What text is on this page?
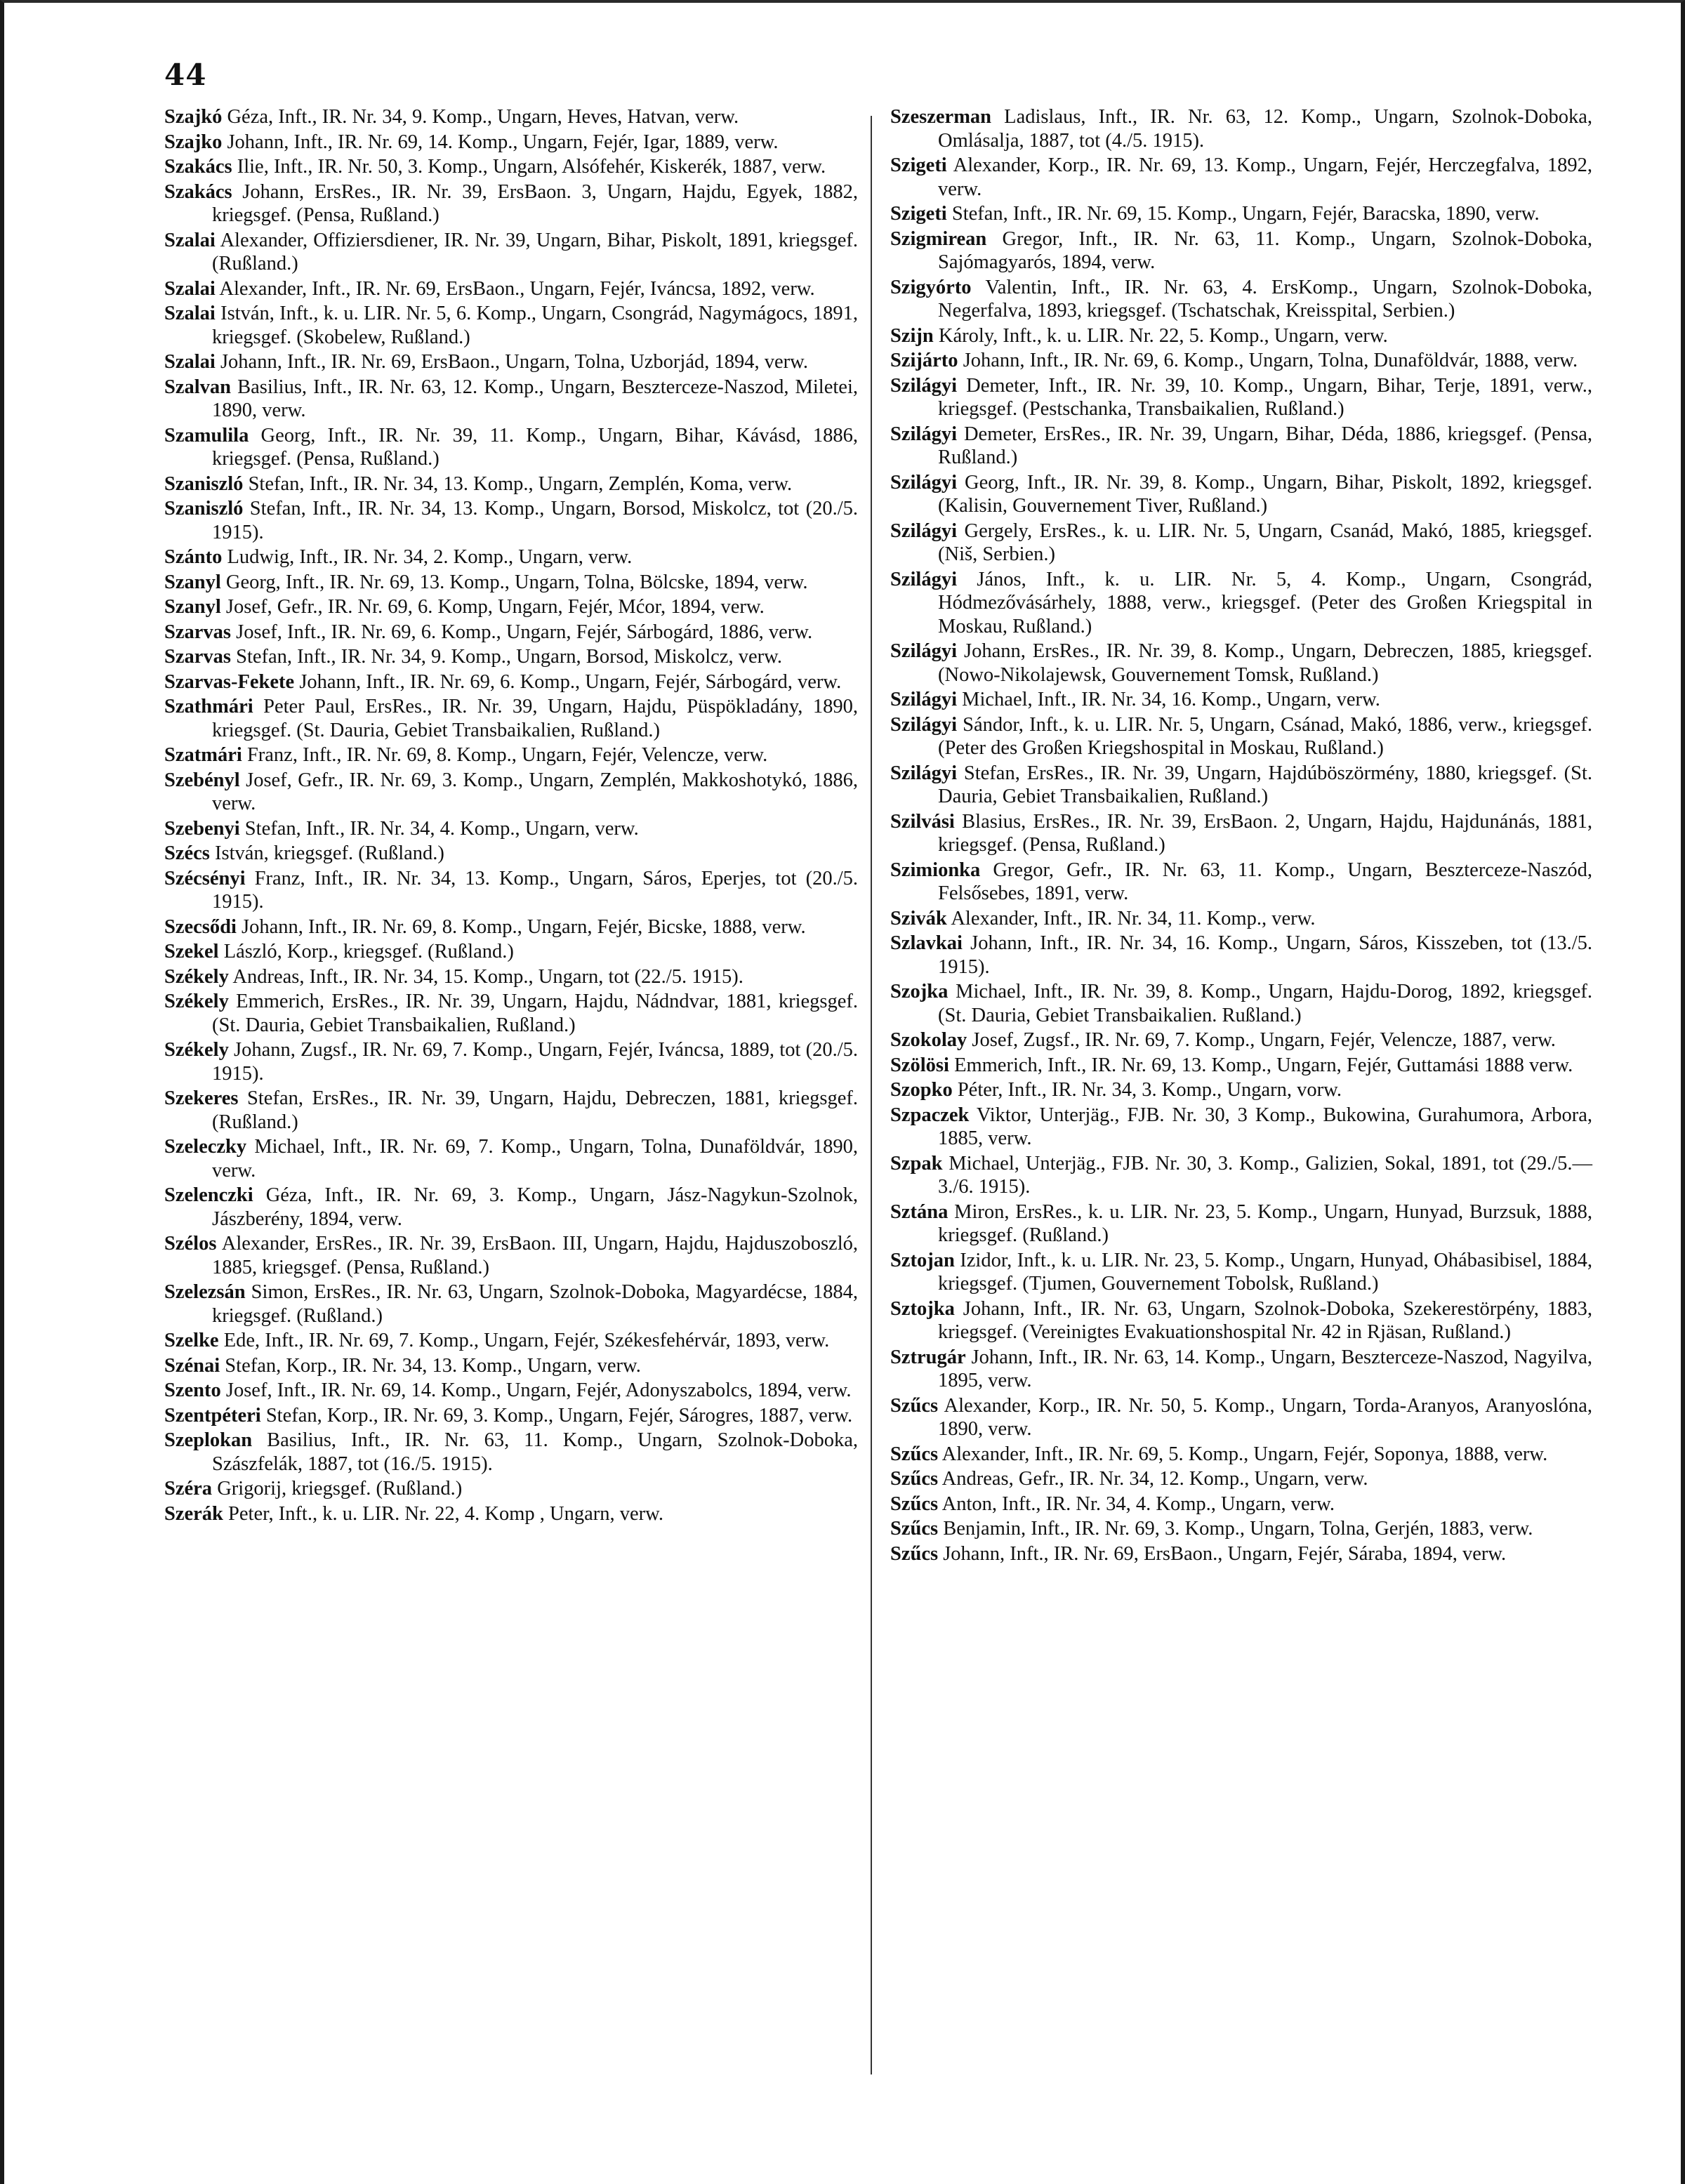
44

Szajkó Géza, Inft., IR. Nr. 34, 9. Komp., Ungarn, Heves, Hatvan, verw.

Szajko Johann, Inft., IR. Nr. 69, 14. Komp., Ungarn, Fejér, Igar, 1889, verw.

Szakács Ilie, Inft., IR. Nr. 50, 3. Komp., Ungarn, Alsófehér, Kiskerék, 1887, verw.

Szakács Johann, ErsRes., IR. Nr. 39, ErsBaon. 3, Ungarn, Hajdu, Egyek, 1882, kriegsgef. (Pensa, Rußland.)

Szalai Alexander, Offiziersdiener, IR. Nr. 39, Ungarn, Bihar, Piskolt, 1891, kriegsgef. (Rußland.)

Szalai Alexander, Inft., IR. Nr. 69, ErsBaon., Ungarn, Fejér, Iváncsa, 1892, verw.

Szalai István, Inft., k. u. LIR. Nr. 5, 6. Komp., Ungarn, Csongrád, Nagymágocs, 1891, kriegsgef. (Skobelew, Rußland.)

Szalai Johann, Inft., IR. Nr. 69, ErsBaon., Ungarn, Tolna, Uzborjád, 1894, verw.

Szalvan Basilius, Inft., IR. Nr. 63, 12. Komp., Ungarn, Beszterceze-Naszod, Miletei, 1890, verw.

Szamulila Georg, Inft., IR. Nr. 39, 11. Komp., Ungarn, Bihar, Kávásd, 1886, kriegsgef. (Pensa, Rußland.)

Szaniszló Stefan, Inft., IR. Nr. 34, 13. Komp., Ungarn, Zemplén, Koma, verw.

Szaniszló Stefan, Inft., IR. Nr. 34, 13. Komp., Ungarn, Borsod, Miskolcz, tot (20./5. 1915).

Szánto Ludwig, Inft., IR. Nr. 34, 2. Komp., Ungarn, verw.

Szanyl Georg, Inft., IR. Nr. 69, 13. Komp., Ungarn, Tolna, Bölcske, 1894, verw.

Szanyl Josef, Gefr., IR. Nr. 69, 6. Komp, Ungarn, Fejér, Mćor, 1894, verw.

Szarvas Josef, Inft., IR. Nr. 69, 6. Komp., Ungarn, Fejér, Sárbogárd, 1886, verw.

Szarvas Stefan, Inft., IR. Nr. 34, 9. Komp., Ungarn, Borsod, Miskolcz, verw.

Szarvas-Fekete Johann, Inft., IR. Nr. 69, 6. Komp., Ungarn, Fejér, Sárbogárd, verw.

Szathmári Peter Paul, ErsRes., IR. Nr. 39, Ungarn, Hajdu, Püspökladány, 1890, kriegsgef. (St. Dauria, Gebiet Transbaikalien, Rußland.)

Szatmári Franz, Inft., IR. Nr. 69, 8. Komp., Ungarn, Fejér, Velencze, verw.

Szebényl Josef, Gefr., IR. Nr. 69, 3. Komp., Ungarn, Zemplén, Makkoshotykó, 1886, verw.

Szebenyi Stefan, Inft., IR. Nr. 34, 4. Komp., Ungarn, verw.

Szécs István, kriegsgef. (Rußland.)

Szécsényi Franz, Inft., IR. Nr. 34, 13. Komp., Ungarn, Sáros, Eperjes, tot (20./5. 1915).

Szecsődi Johann, Inft., IR. Nr. 69, 8. Komp., Ungarn, Fejér, Bicske, 1888, verw.

Szekel László, Korp., kriegsgef. (Rußland.)

Székely Andreas, Inft., IR. Nr. 34, 15. Komp., Ungarn, tot (22./5. 1915).

Székely Emmerich, ErsRes., IR. Nr. 39, Ungarn, Hajdu, Nádndvar, 1881, kriegsgef. (St. Dauria, Gebiet Transbaikalien, Rußland.)

Székely Johann, Zugsf., IR. Nr. 69, 7. Komp., Ungarn, Fejér, Iváncsa, 1889, tot (20./5. 1915).

Szekeres Stefan, ErsRes., IR. Nr. 39, Ungarn, Hajdu, Debreczen, 1881, kriegsgef. (Rußland.)

Szeleczky Michael, Inft., IR. Nr. 69, 7. Komp., Ungarn, Tolna, Dunaföldvár, 1890, verw.

Szelenczki Géza, Inft., IR. Nr. 69, 3. Komp., Ungarn, Jász-Nagykun-Szolnok, Jászberény, 1894, verw.

Szélos Alexander, ErsRes., IR. Nr. 39, ErsBaon. III, Ungarn, Hajdu, Hajduszoboszló, 1885, kriegsgef. (Pensa, Rußland.)

Szelezsán Simon, ErsRes., IR. Nr. 63, Ungarn, Szolnok-Doboka, Magyardécse, 1884, kriegsgef. (Rußland.)

Szelke Ede, Inft., IR. Nr. 69, 7. Komp., Ungarn, Fejér, Székesfehérvár, 1893, verw.

Szénai Stefan, Korp., IR. Nr. 34, 13. Komp., Ungarn, verw.

Szento Josef, Inft., IR. Nr. 69, 14. Komp., Ungarn, Fejér, Adonyszabolcs, 1894, verw.

Szentpéteri Stefan, Korp., IR. Nr. 69, 3. Komp., Ungarn, Fejér, Sárogres, 1887, verw.

Szeplokan Basilius, Inft., IR. Nr. 63, 11. Komp., Ungarn, Szolnok-Doboka, Szászfelák, 1887, tot (16./5. 1915).

Széra Grigorij, kriegsgef. (Rußland.)

Szerák Peter, Inft., k. u. LIR. Nr. 22, 4. Komp , Ungarn, verw.

Szeszerman Ladislaus, Inft., IR. Nr. 63, 12. Komp., Ungarn, Szolnok-Doboka, Omlásalja, 1887, tot (4./5. 1915).

Szigeti Alexander, Korp., IR. Nr. 69, 13. Komp., Ungarn, Fejér, Herczegfalva, 1892, verw.

Szigeti Stefan, Inft., IR. Nr. 69, 15. Komp., Ungarn, Fejér, Baracska, 1890, verw.

Szigmirean Gregor, Inft., IR. Nr. 63, 11. Komp., Ungarn, Szolnok-Doboka, Sajómagyarós, 1894, verw.

Szigyórto Valentin, Inft., IR. Nr. 63, 4. ErsKomp., Ungarn, Szolnok-Doboka, Negerfalva, 1893, kriegsgef. (Tschatschak, Kreisspital, Serbien.)

Szijn Károly, Inft., k. u. LIR. Nr. 22, 5. Komp., Ungarn, verw.

Szijárto Johann, Inft., IR. Nr. 69, 6. Komp., Ungarn, Tolna, Dunaföldvár, 1888, verw.

Szilágyi Demeter, Inft., IR. Nr. 39, 10. Komp., Ungarn, Bihar, Terje, 1891, verw., kriegsgef. (Pestschanka, Transbaikalien, Rußland.)

Szilágyi Demeter, ErsRes., IR. Nr. 39, Ungarn, Bihar, Déda, 1886, kriegsgef. (Pensa, Rußland.)

Szilágyi Georg, Inft., IR. Nr. 39, 8. Komp., Ungarn, Bihar, Piskolt, 1892, kriegsgef. (Kalisin, Gouvernement Tiver, Rußland.)

Szilágyi Gergely, ErsRes., k. u. LIR. Nr. 5, Ungarn, Csanád, Makó, 1885, kriegsgef. (Niš, Serbien.)

Szilágyi János, Inft., k. u. LIR. Nr. 5, 4. Komp., Ungarn, Csongrád, Hódmezővásárhely, 1888, verw., kriegsgef. (Peter des Großen Kriegspital in Moskau, Rußland.)

Szilágyi Johann, ErsRes., IR. Nr. 39, 8. Komp., Ungarn, Debreczen, 1885, kriegsgef. (Nowo-Nikolajewsk, Gouvernement Tomsk, Rußland.)

Szilágyi Michael, Inft., IR. Nr. 34, 16. Komp., Ungarn, verw.

Szilágyi Sándor, Inft., k. u. LIR. Nr. 5, Ungarn, Csánad, Makó, 1886, verw., kriegsgef. (Peter des Großen Kriegshospital in Moskau, Rußland.)

Szilágyi Stefan, ErsRes., IR. Nr. 39, Ungarn, Hajdúböszörmény, 1880, kriegsgef. (St. Dauria, Gebiet Transbaikalien, Rußland.)

Szilvási Blasius, ErsRes., IR. Nr. 39, ErsBaon. 2, Ungarn, Hajdu, Hajdunánás, 1881, kriegsgef. (Pensa, Rußland.)

Szimionka Gregor, Gefr., IR. Nr. 63, 11. Komp., Ungarn, Beszterceze-Naszód, Felsősebes, 1891, verw.

Szivák Alexander, Inft., IR. Nr. 34, 11. Komp., verw.

Szlavkai Johann, Inft., IR. Nr. 34, 16. Komp., Ungarn, Sáros, Kisszeben, tot (13./5. 1915).

Szojka Michael, Inft., IR. Nr. 39, 8. Komp., Ungarn, Hajdu-Dorog, 1892, kriegsgef. (St. Dauria, Gebiet Transbaikalien. Rußland.)

Szokolay Josef, Zugsf., IR. Nr. 69, 7. Komp., Ungarn, Fejér, Velencze, 1887, verw.

Szölösi Emmerich, Inft., IR. Nr. 69, 13. Komp., Ungarn, Fejér, Guttamási 1888 verw.

Szopko Péter, Inft., IR. Nr. 34, 3. Komp., Ungarn, vorw.

Szpaczek Viktor, Unterjäg., FJB. Nr. 30, 3 Komp., Bukowina, Gurahumora, Arbora, 1885, verw.

Szpak Michael, Unterjäg., FJB. Nr. 30, 3. Komp., Galizien, Sokal, 1891, tot (29./5.—3./6. 1915).

Sztána Miron, ErsRes., k. u. LIR. Nr. 23, 5. Komp., Ungarn, Hunyad, Burzsuk, 1888, kriegsgef. (Rußland.)

Sztojan Izidor, Inft., k. u. LIR. Nr. 23, 5. Komp., Ungarn, Hunyad, Ohábasibisel, 1884, kriegsgef. (Tjumen, Gouvernement Tobolsk, Rußland.)

Sztojka Johann, Inft., IR. Nr. 63, Ungarn, Szolnok-Doboka, Szekerestörpény, 1883, kriegsgef. (Vereinigtes Evakuationshospital Nr. 42 in Rjäsan, Rußland.)

Sztrugár Johann, Inft., IR. Nr. 63, 14. Komp., Ungarn, Beszterceze-Naszod, Nagyilva, 1895, verw.

Szűcs Alexander, Korp., IR. Nr. 50, 5. Komp., Ungarn, Torda-Aranyos, Aranyoslóna, 1890, verw.

Szűcs Alexander, Inft., IR. Nr. 69, 5. Komp., Ungarn, Fejér, Soponya, 1888, verw.

Szűcs Andreas, Gefr., IR. Nr. 34, 12. Komp., Ungarn, verw.

Szűcs Anton, Inft., IR. Nr. 34, 4. Komp., Ungarn, verw.

Szűcs Benjamin, Inft., IR. Nr. 69, 3. Komp., Ungarn, Tolna, Gerjén, 1883, verw.

Szűcs Johann, Inft., IR. Nr. 69, ErsBaon., Ungarn, Fejér, Sáraba, 1894, verw.
